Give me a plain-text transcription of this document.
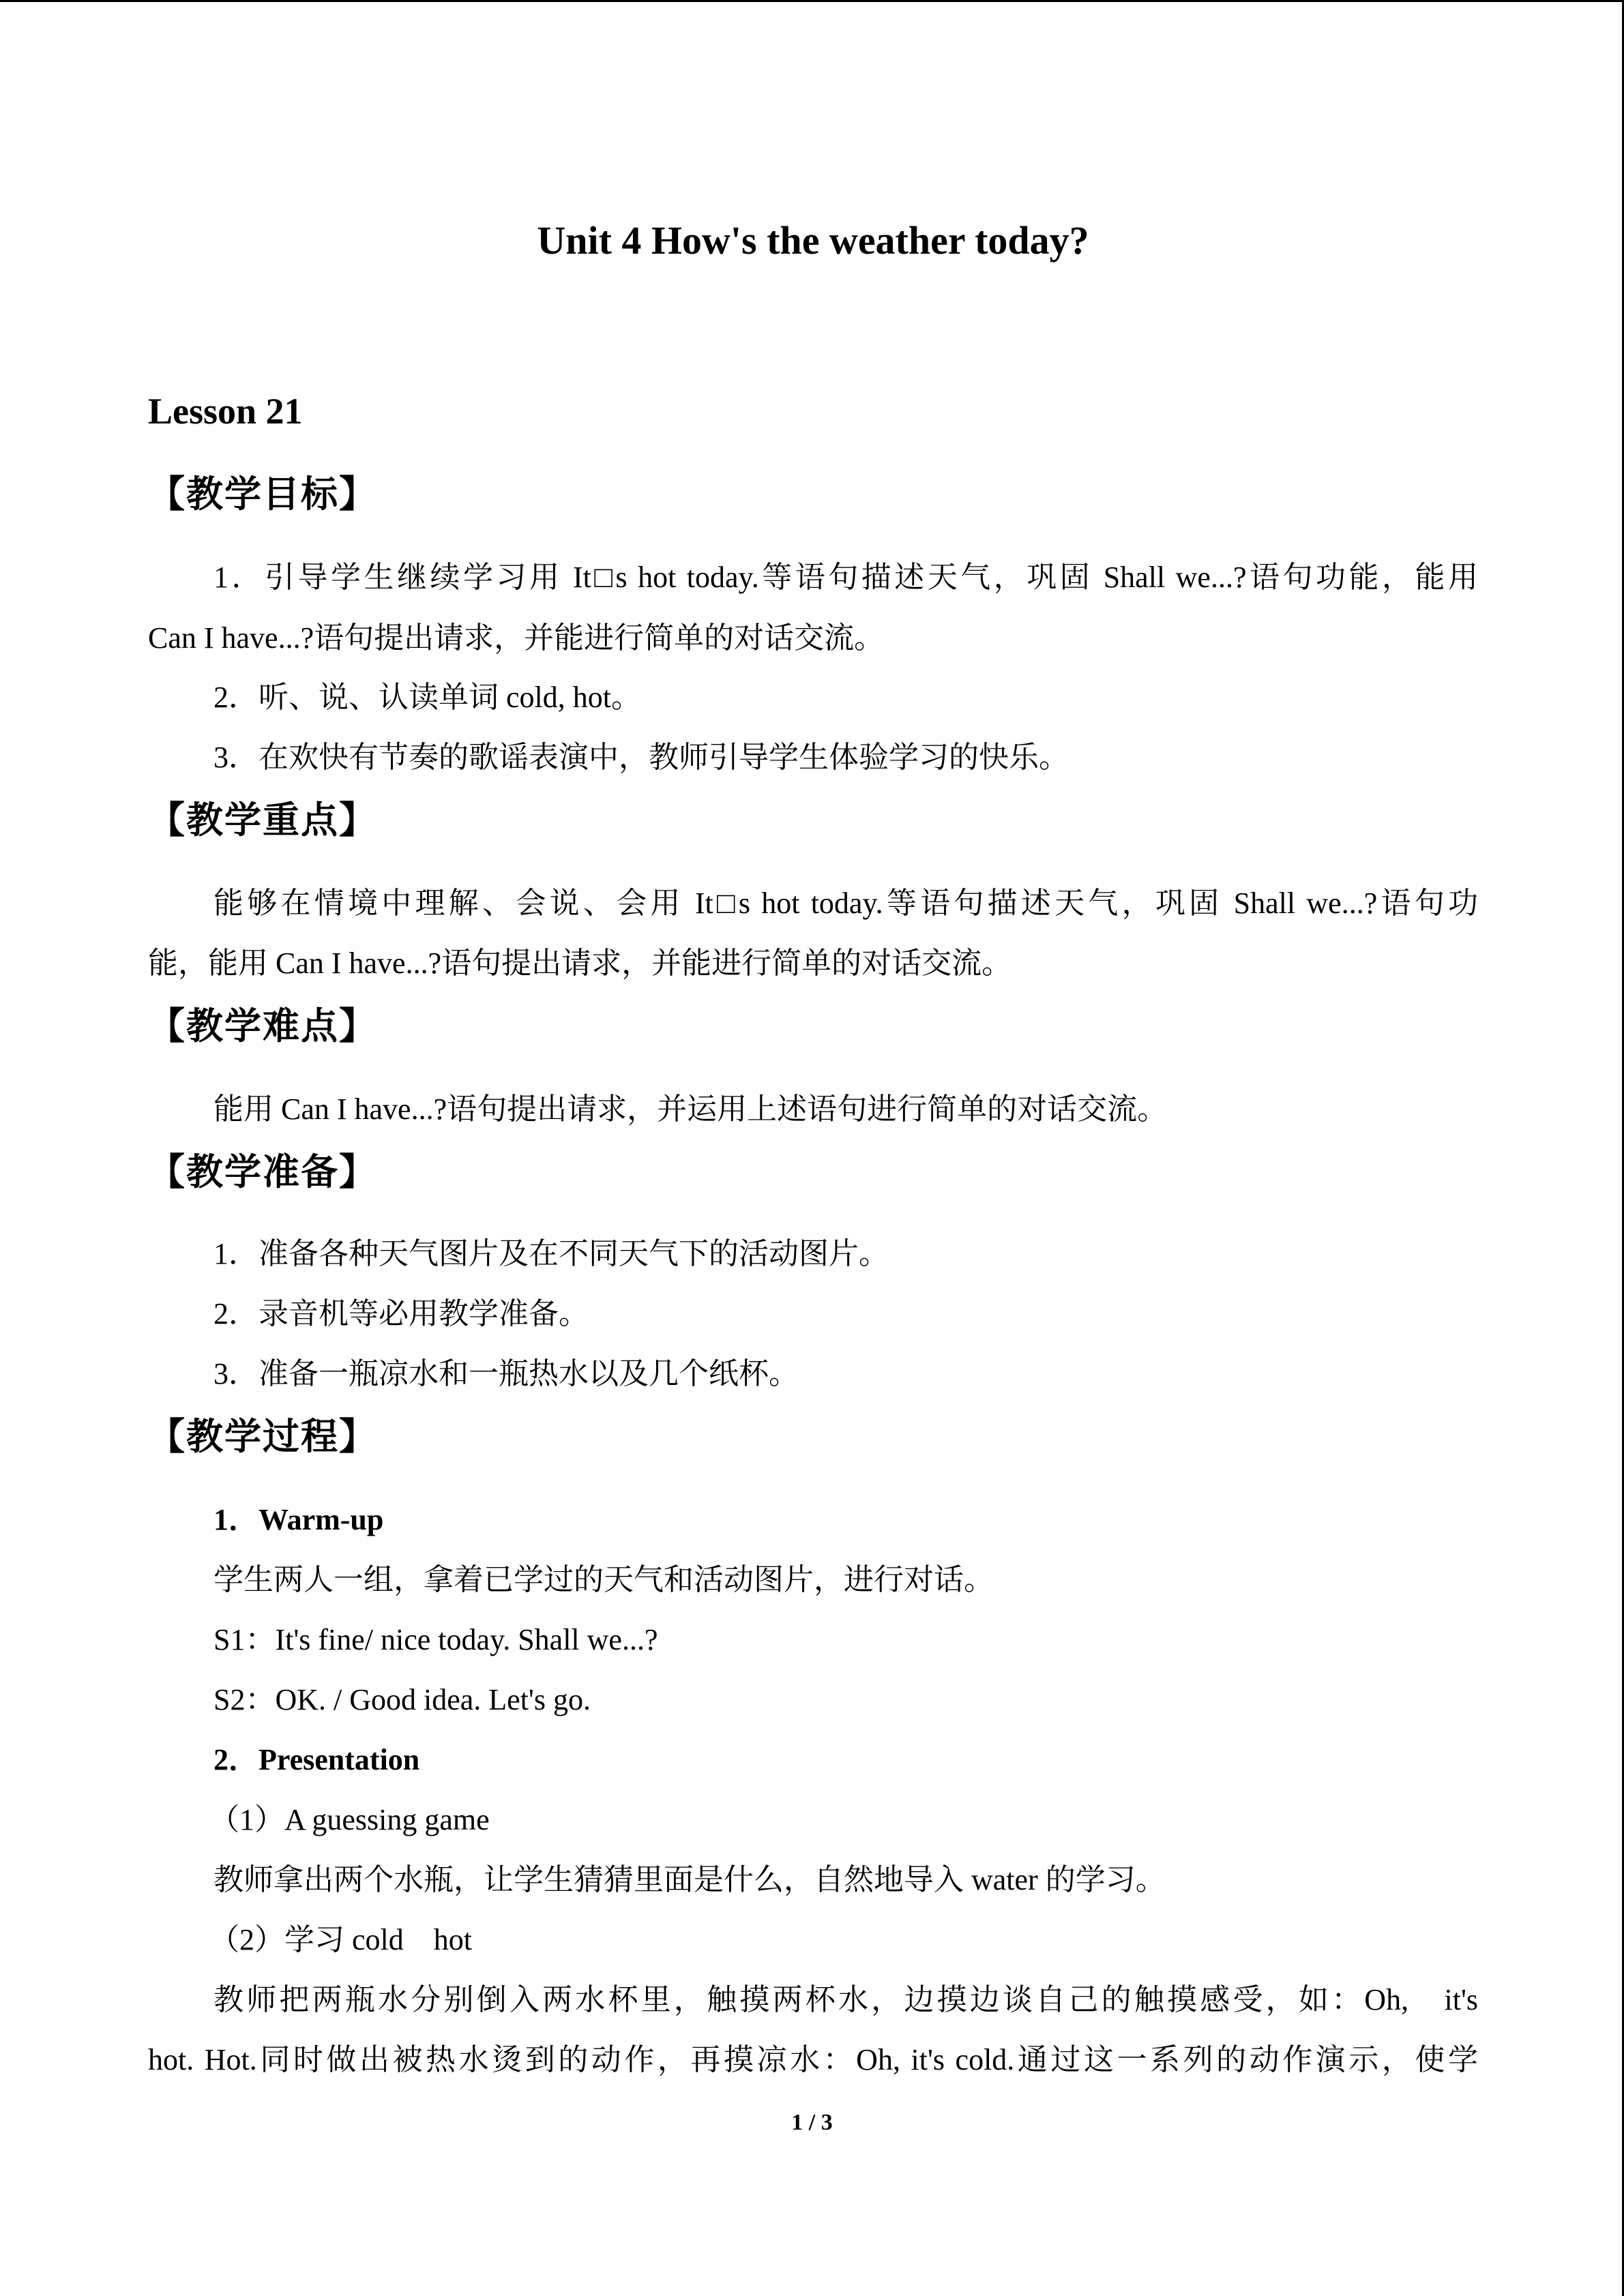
Unit 4 How's the weather today?
Lesson 21
【教学目标】
1．引导学生继续学习用 It□s hot today.等语句描述天气，巩固 Shall we...?语句功能，能用
Can I have...?语句提出请求，并能进行简单的对话交流。
2．听、说、认读单词 cold, hot。
3．在欢快有节奏的歌谣表演中，教师引导学生体验学习的快乐。
【教学重点】
能够在情境中理解、会说、会用 It□s hot today.等语句描述天气，巩固 Shall we...?语句功
能，能用 Can I have...?语句提出请求，并能进行简单的对话交流。
【教学难点】
能用 Can I have...?语句提出请求，并运用上述语句进行简单的对话交流。
【教学准备】
1．准备各种天气图片及在不同天气下的活动图片。
2．录音机等必用教学准备。
3．准备一瓶凉水和一瓶热水以及几个纸杯。
【教学过程】
1．Warm-up
学生两人一组，拿着已学过的天气和活动图片，进行对话。
S1：It's fine/ nice today. Shall we...?
S2：OK. / Good idea. Let's go.
2．Presentation
（1）A guessing game
教师拿出两个水瓶，让学生猜猜里面是什么，自然地导入 water 的学习。
（2）学习 cold　hot
教师把两瓶水分别倒入两水杯里，触摸两杯水，边摸边谈自己的触摸感受，如：Oh,　it's
hot. Hot.同时做出被热水烫到的动作，再摸凉水：Oh, it's cold.通过这一系列的动作演示，使学
1 / 3
